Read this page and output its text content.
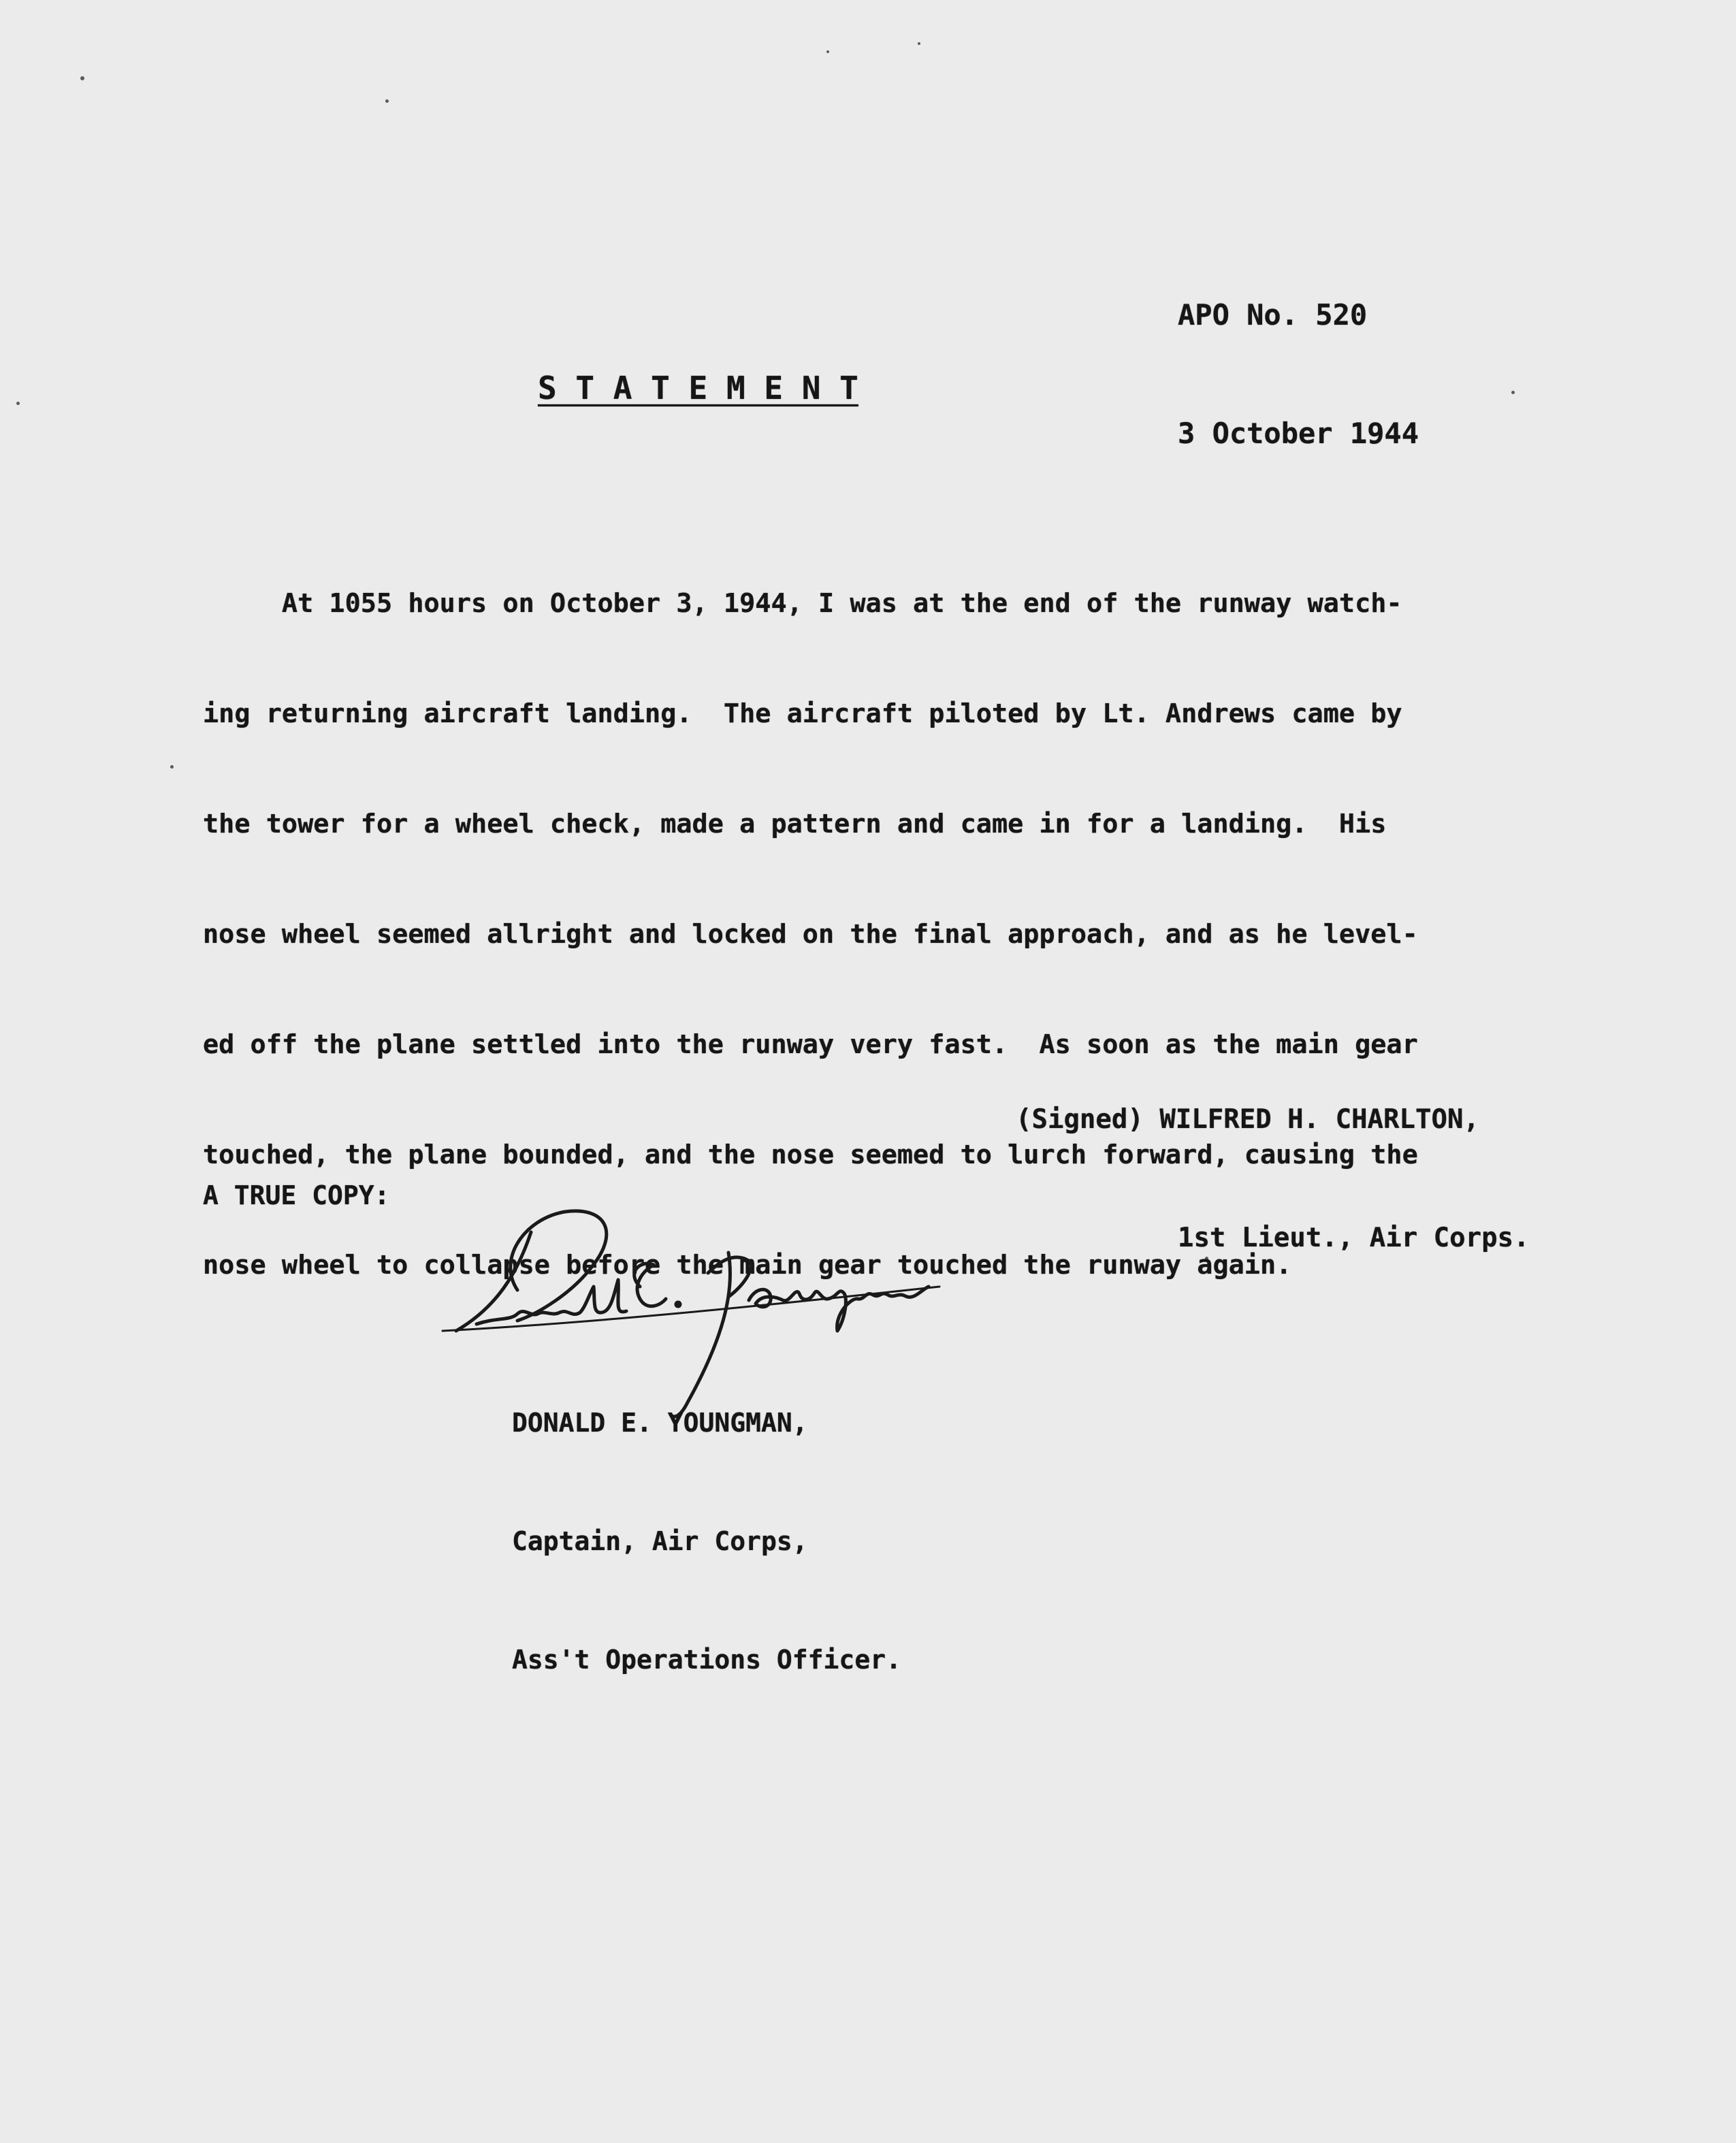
APO No. 520

3 October 1944

S T A T E M E N T

At 1055 hours on October 3, 1944, I was at the end of the runway watch-

ing returning aircraft landing.  The aircraft piloted by Lt. Andrews came by

the tower for a wheel check, made a pattern and came in for a landing.  His

nose wheel seemed allright and locked on the final approach, and as he level-

ed off the plane settled into the runway very fast.  As soon as the main gear

touched, the plane bounded, and the nose seemed to lurch forward, causing the

nose wheel to collapse before the main gear touched the runway again.

(Signed) WILFRED H. CHARLTON,

1st Lieut., Air Corps.

A TRUE COPY:

DONALD E. YOUNGMAN,

Captain, Air Corps,

Ass't Operations Officer.
